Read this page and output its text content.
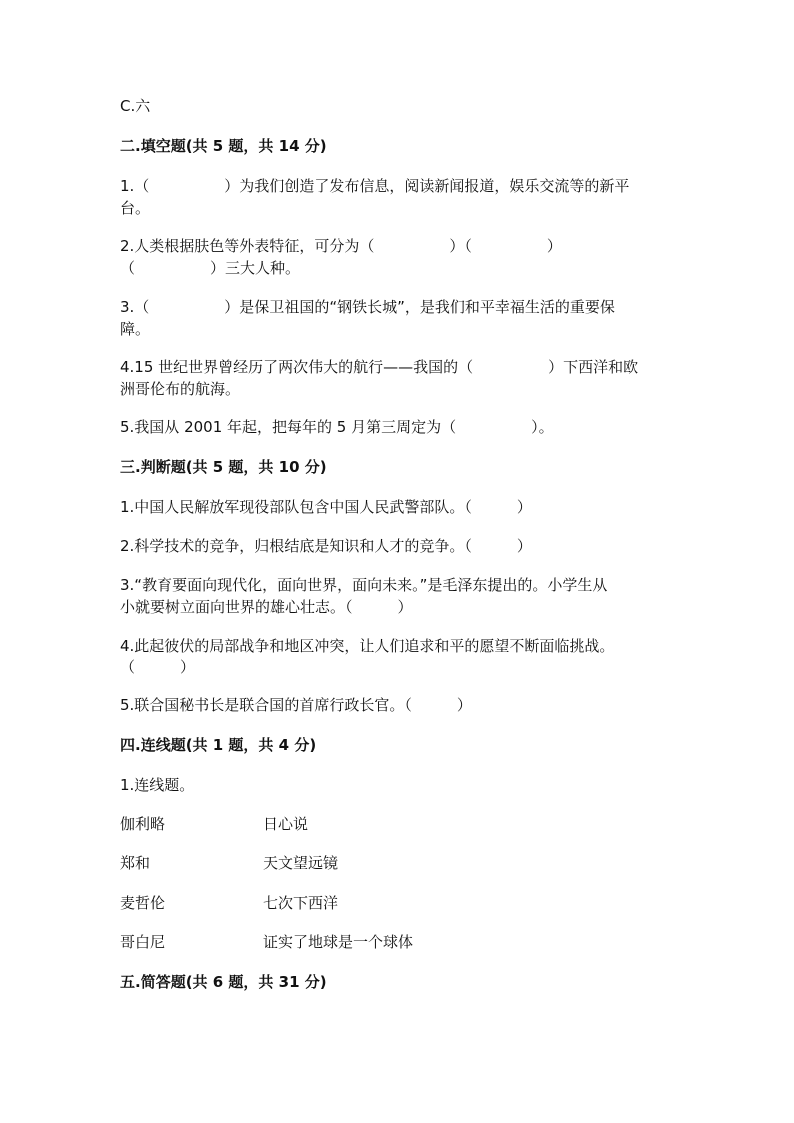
C.六
二.填空题(共 5 题，共 14 分)
1.（　　　　　）为我们创造了发布信息，阅读新闻报道，娱乐交流等的新平
台。
2.人类根据肤色等外表特征，可分为（　　　　　）（　　　　　）
（　　　　　）三大人种。
3.（　　　　　）是保卫祖国的“钢铁长城”，是我们和平幸福生活的重要保
障。
4.15 世纪世界曾经历了两次伟大的航行——我国的（　　　　　）下西洋和欧
洲哥伦布的航海。
5.我国从 2001 年起，把每年的 5 月第三周定为（　　　　　）。
三.判断题(共 5 题，共 10 分)
1.中国人民解放军现役部队包含中国人民武警部队。（　　　）
2.科学技术的竞争，归根结底是知识和人才的竞争。（　　　）
3.“教育要面向现代化，面向世界，面向未来。”是毛泽东提出的。小学生从
小就要树立面向世界的雄心壮志。（　　　）
4.此起彼伏的局部战争和地区冲突，让人们追求和平的愿望不断面临挑战。
（　　　）
5.联合国秘书长是联合国的首席行政长官。（　　　）
四.连线题(共 1 题，共 4 分)
1.连线题。
伽利略	日心说
郑和	天文望远镜
麦哲伦	七次下西洋
哥白尼	证实了地球是一个球体
五.简答题(共 6 题，共 31 分)
